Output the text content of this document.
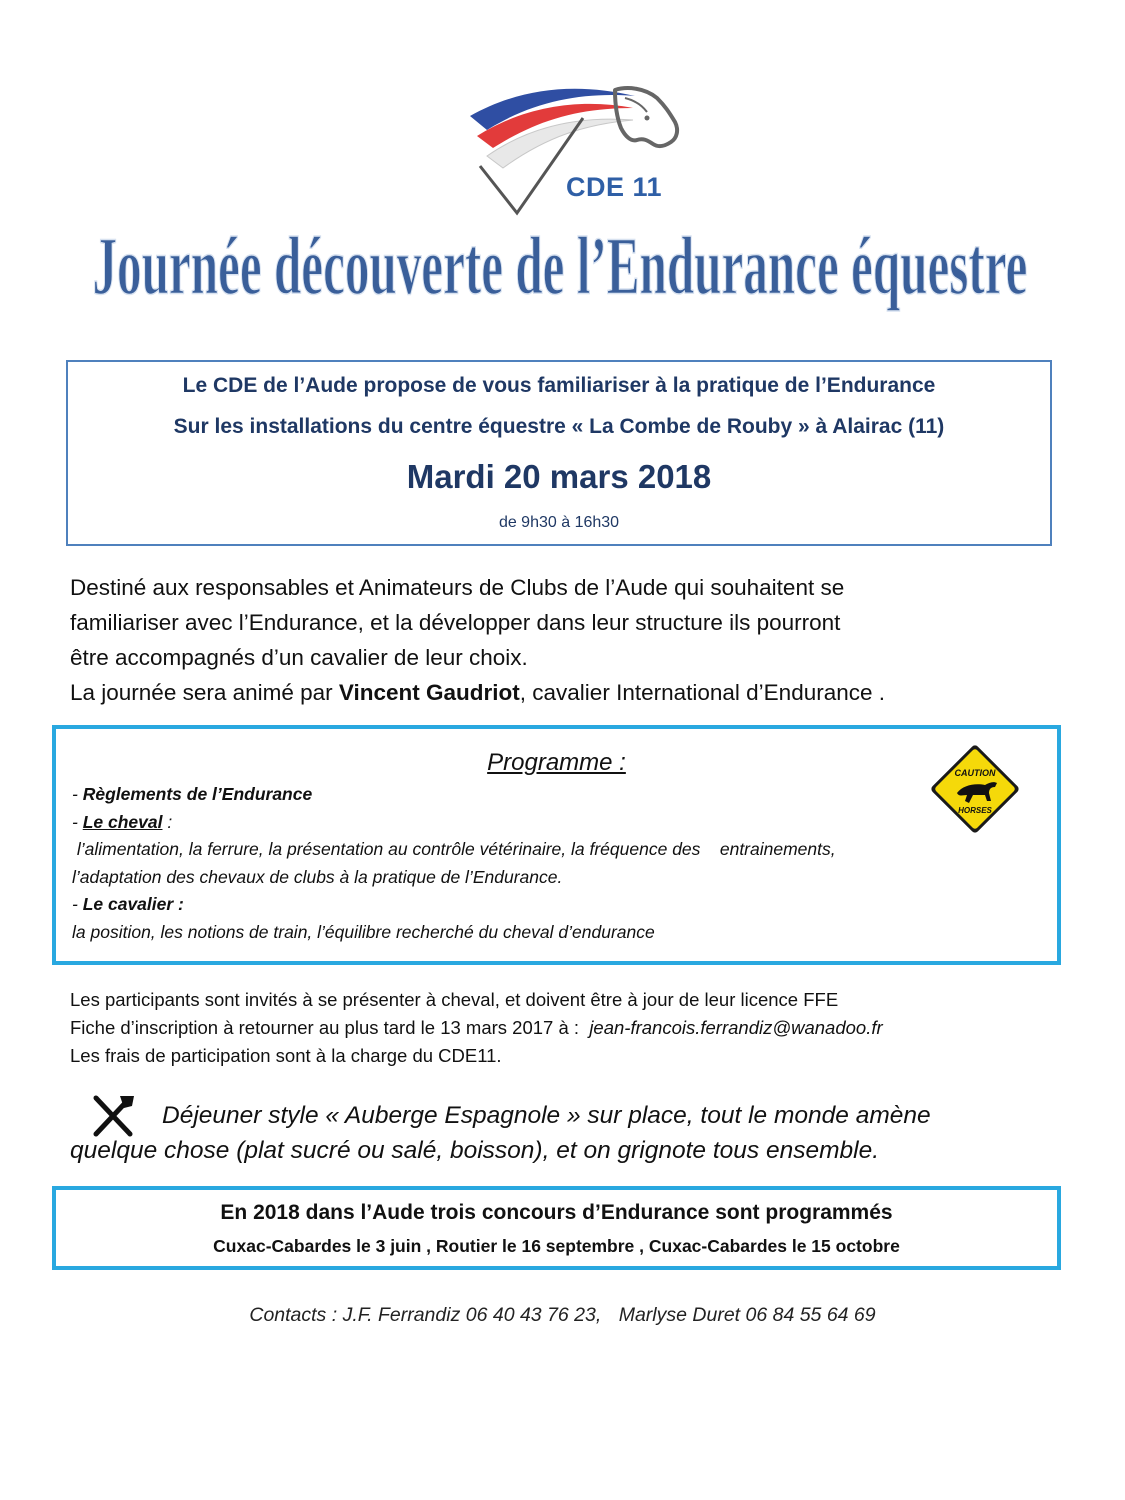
CDE 11
Journée découverte de l’Endurance équestre
Le CDE de l’Aude propose de vous familiariser à la pratique de l’Endurance
Sur les installations du centre équestre « La Combe de Rouby » à Alairac (11)
Mardi 20 mars 2018
de 9h30 à 16h30

Destiné aux responsables et Animateurs de Clubs de l’Aude qui souhaitent se

familiariser avec l’Endurance, et la développer dans leur structure ils pourront

être accompagnés d’un cavalier de leur choix.

La journée sera animé par Vincent Gaudriot, cavalier International d’Endurance .

Programme :	CAUTION
HORSES
- Règlements de l’Endurance
- Le cheval :
l’alimentation, la ferrure, la présentation au contrôle vétérinaire, la fréquence des    entrainements,
l’adaptation des chevaux de clubs à la pratique de l’Endurance.
- Le cavalier :
la position, les notions de train, l’équilibre recherché du cheval d’endurance
Les participants sont invités à se présenter à cheval, et doivent être à jour de leur licence FFE
Fiche d’inscription à retourner au plus tard le 13 mars 2017 à :  jean-francois.ferrandiz@wanadoo.fr
Les frais de participation sont à la charge du CDE11.
Déjeuner style « Auberge Espagnole » sur place, tout le monde amène
quelque chose (plat sucré ou salé, boisson), et on grignote tous ensemble.
En 2018 dans l’Aude trois concours d’Endurance sont programmés
Cuxac-Cabardes le 3 juin , Routier le 16 septembre , Cuxac-Cabardes le 15 octobre
Contacts : J.F. Ferrandiz 06 40 43 76 23, Marlyse Duret 06 84 55 64 69
